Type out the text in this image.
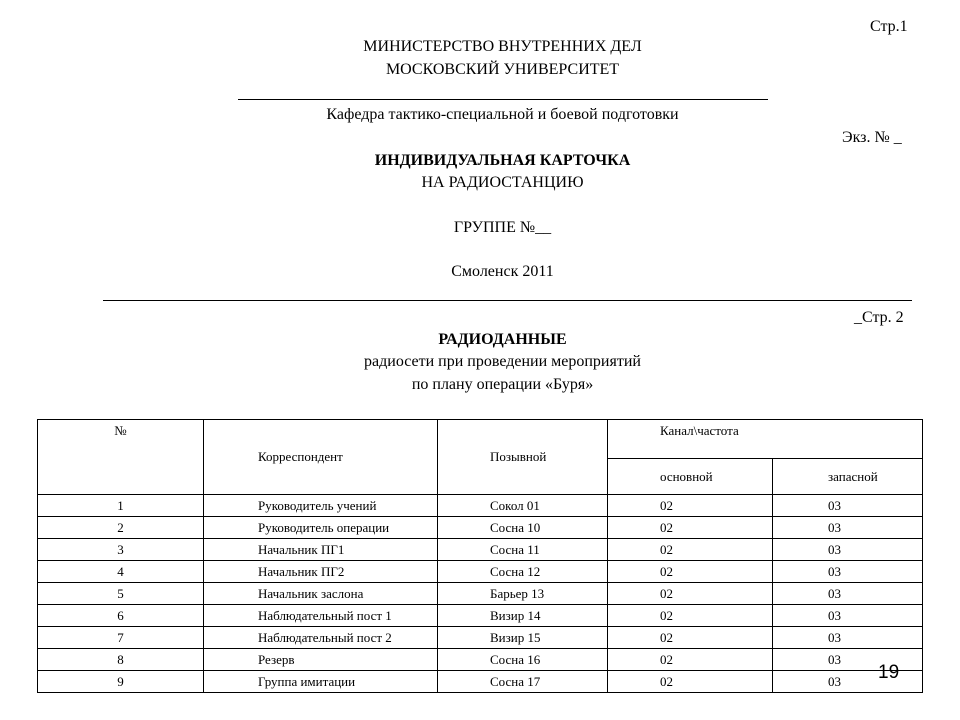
Стр.1
МИНИСТЕРСТВО ВНУТРЕННИХ ДЕЛ
МОСКОВСКИЙ УНИВЕРСИТЕТ
Кафедра тактико-специальной и боевой подготовки
Экз. № _
ИНДИВИДУАЛЬНАЯ КАРТОЧКА
НА РАДИОСТАНЦИЮ
ГРУППЕ №__
Смоленск 2011
_Стр. 2
РАДИОДАННЫЕ
радиосети при проведении мероприятий
по плану операции «Буря»
№	Корреспондент	Позывной	Канал\частота	
			основной	запасной
1	Руководитель учений	Сокол 01	02	03
2	Руководитель операции	Сосна 10	02	03
3	Начальник ПГ1	Сосна 11	02	03
4	Начальник ПГ2	Сосна 12	02	03
5	Начальник заслона	Барьер 13	02	03
6	Наблюдательный пост 1	Визир 14	02	03
7	Наблюдательный пост 2	Визир 15	02	03
8	Резерв	Сосна 16	02	03
9	Группа имитации	Сосна 17	02	03 19
